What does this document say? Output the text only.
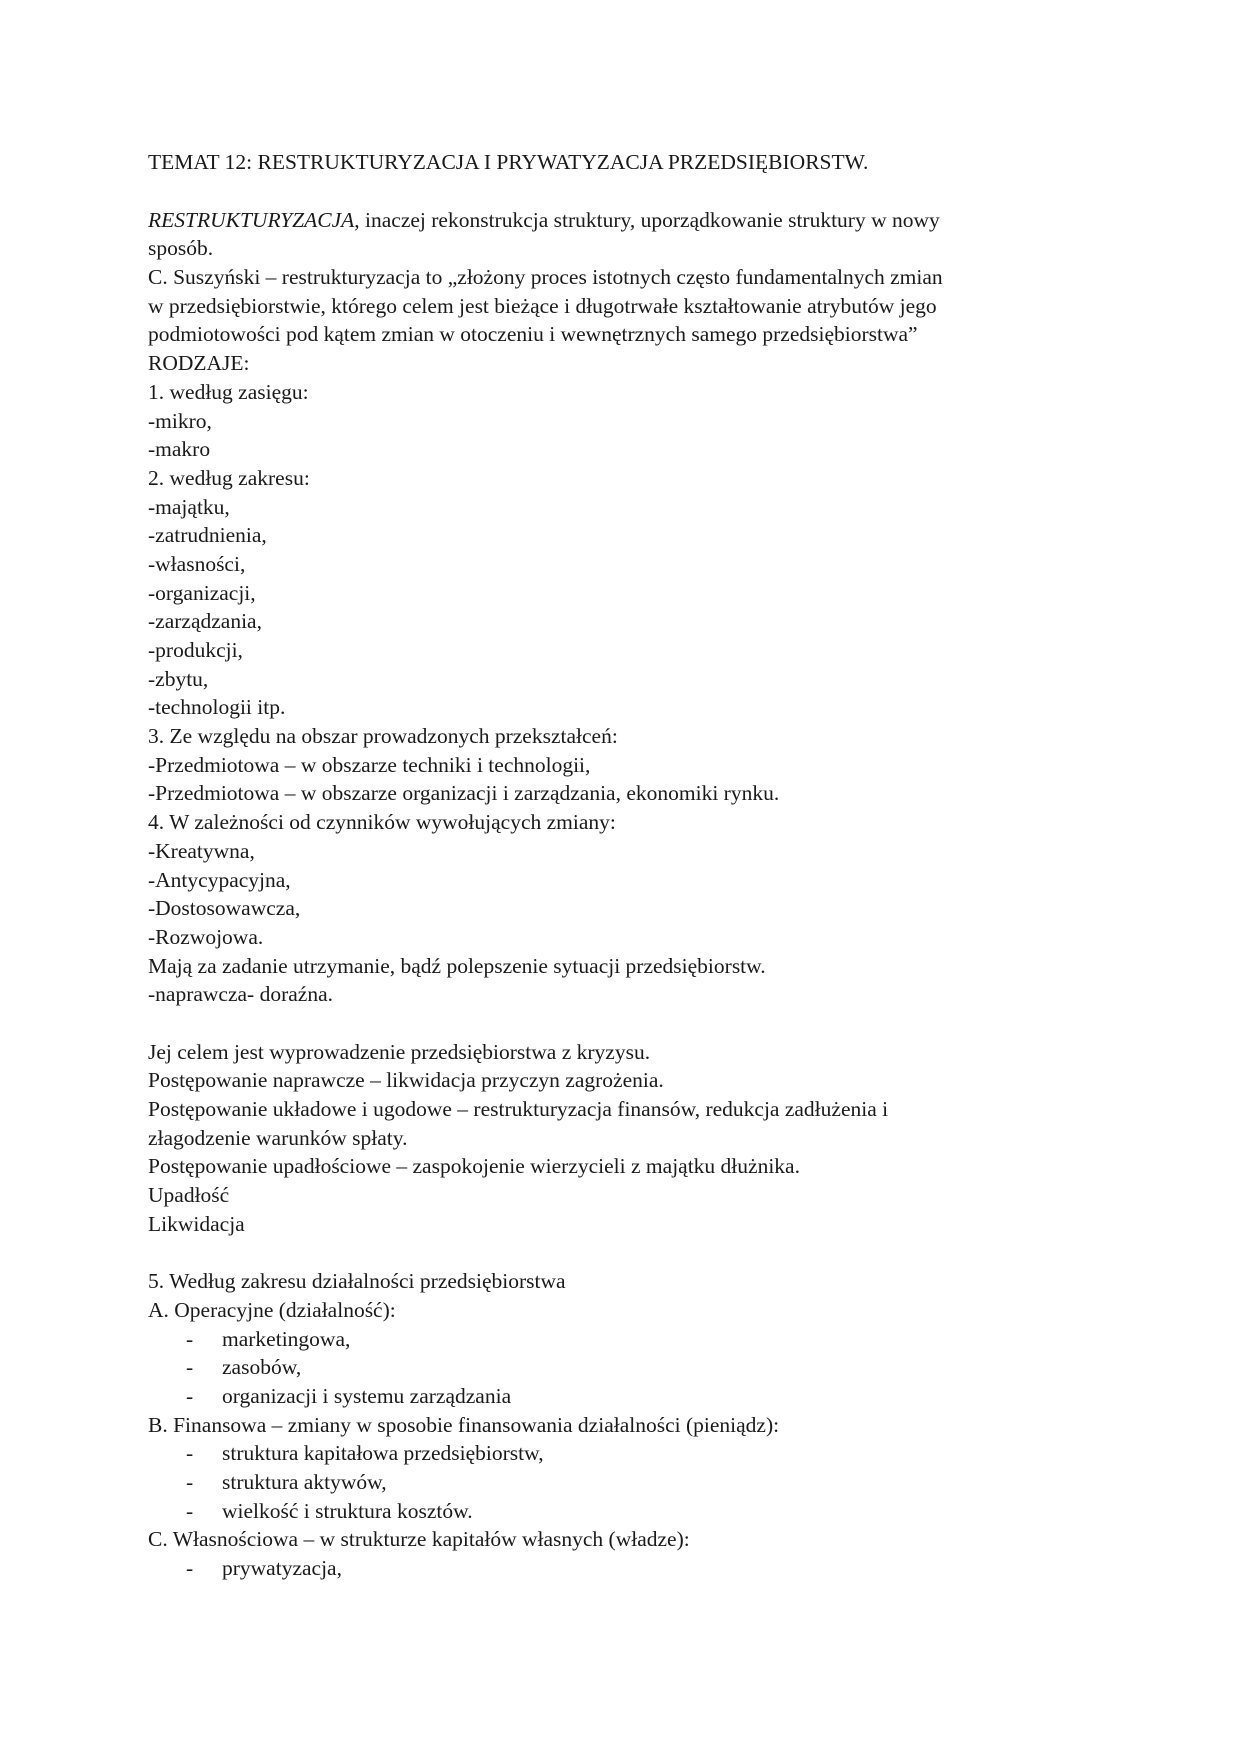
TEMAT 12: RESTRUKTURYZACJA I PRYWATYZACJA PRZEDSIĘBIORSTW.
RESTRUKTURYZACJA, inaczej rekonstrukcja struktury, uporządkowanie struktury w nowy
sposób.
C. Suszyński – restrukturyzacja to „złożony proces istotnych często fundamentalnych zmian
w przedsiębiorstwie, którego celem jest bieżące i długotrwałe kształtowanie atrybutów jego
podmiotowości pod kątem zmian w otoczeniu i wewnętrznych samego przedsiębiorstwa”
RODZAJE:
1. według zasięgu:
-mikro,
-makro
2. według zakresu:
-majątku,
-zatrudnienia,
-własności,
-organizacji,
-zarządzania,
-produkcji,
-zbytu,
-technologii itp.
3. Ze względu na obszar prowadzonych przekształceń:
-Przedmiotowa – w obszarze techniki i technologii,
-Przedmiotowa – w obszarze organizacji i zarządzania, ekonomiki rynku.
4. W zależności od czynników wywołujących zmiany:
-Kreatywna,
-Antycypacyjna,
-Dostosowawcza,
-Rozwojowa.
Mają za zadanie utrzymanie, bądź polepszenie sytuacji przedsiębiorstw.
-naprawcza- doraźna.
Jej celem jest wyprowadzenie przedsiębiorstwa z kryzysu.
Postępowanie naprawcze – likwidacja przyczyn zagrożenia.
Postępowanie układowe i ugodowe – restrukturyzacja finansów, redukcja zadłużenia i
złagodzenie warunków spłaty.
Postępowanie upadłościowe – zaspokojenie wierzycieli z majątku dłużnika.
Upadłość
Likwidacja
5. Według zakresu działalności przedsiębiorstwa
A. Operacyjne (działalność):
- marketingowa,
- zasobów,
- organizacji i systemu zarządzania
B. Finansowa – zmiany w sposobie finansowania działalności (pieniądz):
- struktura kapitałowa przedsiębiorstw,
- struktura aktywów,
- wielkość i struktura kosztów.
C. Własnościowa – w strukturze kapitałów własnych (władze):
- prywatyzacja,
